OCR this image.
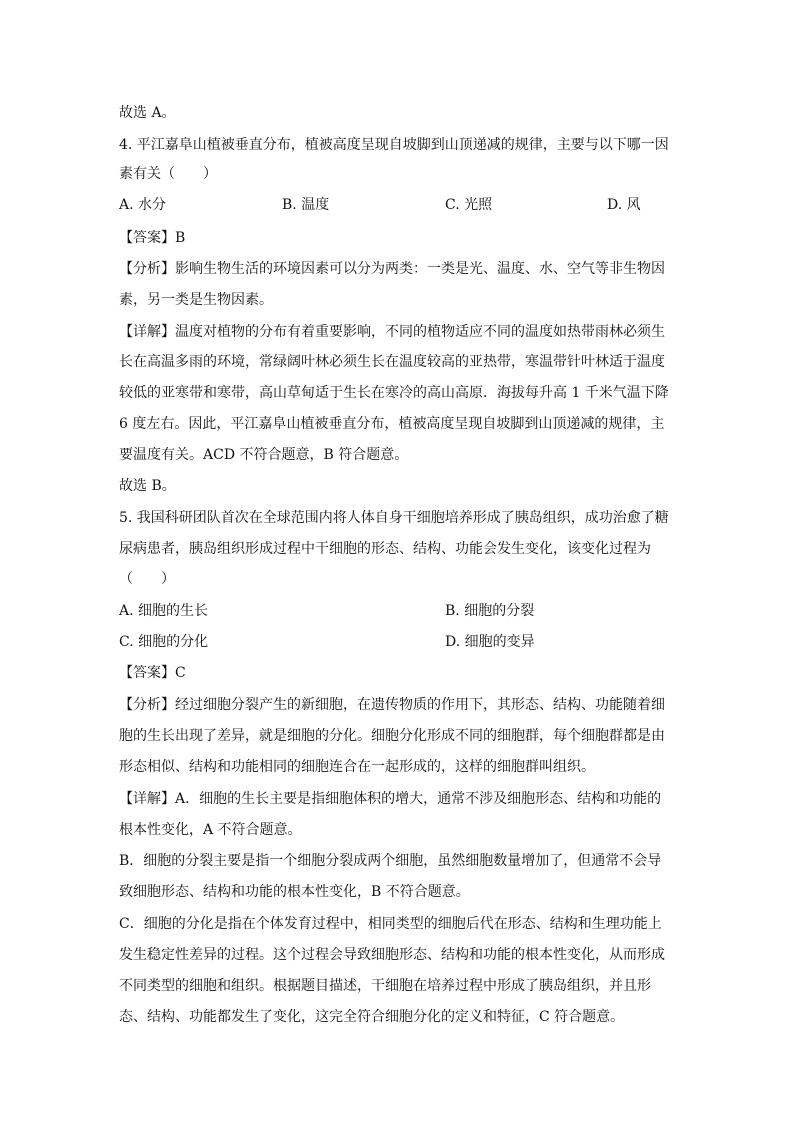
故选 A。
4. 平江嘉阜山植被垂直分布，植被高度呈现自坡脚到山顶递减的规律，主要与以下哪一因
素有关（　　）
A. 水分	B. 温度	C. 光照	D. 风
【答案】B
【分析】影响生物生活的环境因素可以分为两类：一类是光、温度、水、空气等非生物因
素，另一类是生物因素。
【详解】温度对植物的分布有着重要影响，不同的植物适应不同的温度如热带雨林必须生
长在高温多雨的环境，常绿阔叶林必须生长在温度较高的亚热带，寒温带针叶林适于温度
较低的亚寒带和寒带，高山草甸适于生长在寒冷的高山高原．海拔每升高 1 千米气温下降
6 度左右。因此，平江嘉阜山植被垂直分布，植被高度呈现自坡脚到山顶递减的规律，主
要温度有关。ACD 不符合题意，B 符合题意。
故选 B。
5. 我国科研团队首次在全球范围内将人体自身干细胞培养形成了胰岛组织，成功治愈了糖
尿病患者，胰岛组织形成过程中干细胞的形态、结构、功能会发生变化，该变化过程为
（　　）
A. 细胞的生长	B. 细胞的分裂
C. 细胞的分化	D. 细胞的变异
【答案】C
【分析】经过细胞分裂产生的新细胞，在遗传物质的作用下，其形态、结构、功能随着细
胞的生长出现了差异，就是细胞的分化。细胞分化形成不同的细胞群，每个细胞群都是由
形态相似、结构和功能相同的细胞连合在一起形成的，这样的细胞群叫组织。
【详解】A．细胞的生长主要是指细胞体积的增大，通常不涉及细胞形态、结构和功能的
根本性变化，A 不符合题意。
B．细胞的分裂主要是指一个细胞分裂成两个细胞，虽然细胞数量增加了，但通常不会导
致细胞形态、结构和功能的根本性变化，B 不符合题意。
C．细胞的分化是指在个体发育过程中，相同类型的细胞后代在形态、结构和生理功能上
发生稳定性差异的过程。这个过程会导致细胞形态、结构和功能的根本性变化，从而形成
不同类型的细胞和组织。根据题目描述，干细胞在培养过程中形成了胰岛组织，并且形
态、结构、功能都发生了变化，这完全符合细胞分化的定义和特征，C 符合题意。
